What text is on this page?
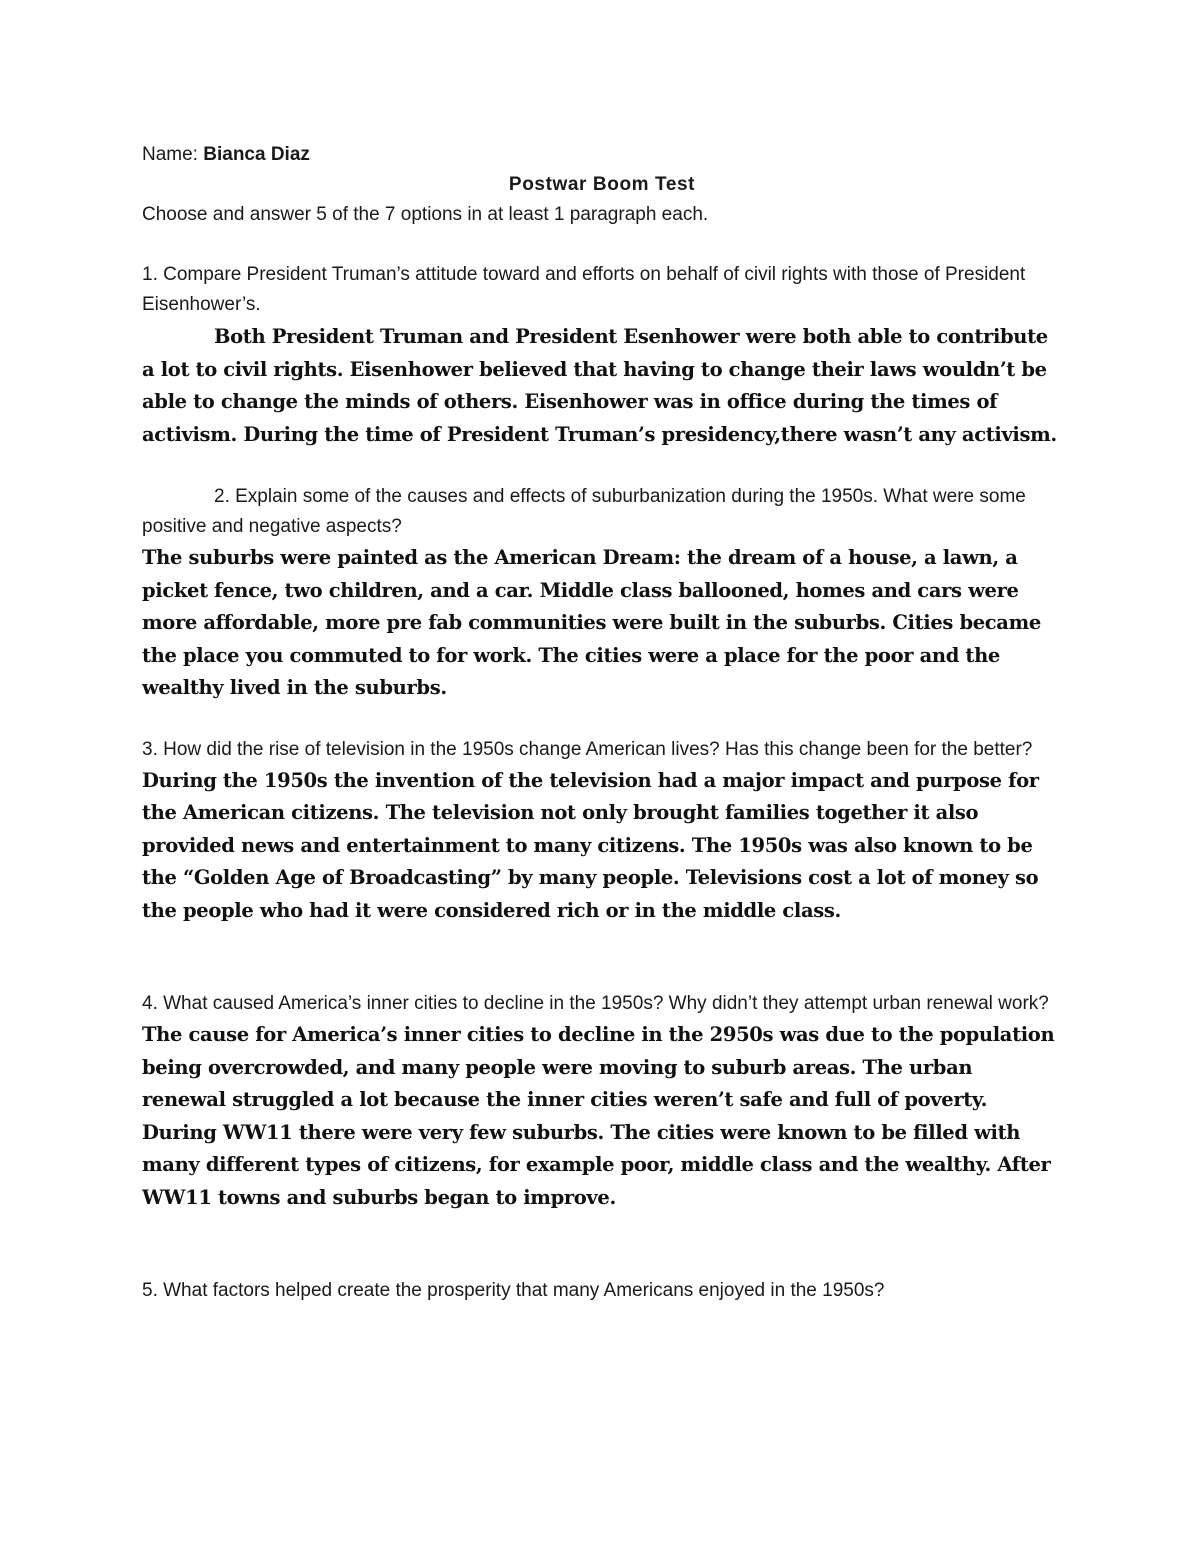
Name: Bianca Diaz

Postwar Boom Test

Choose and answer 5 of the 7 options in at least 1 paragraph each.

1. Compare President Truman’s attitude toward and efforts on behalf of civil rights with those of President Eisenhower’s.

Both President Truman and President Esenhower were both able to contribute a lot to civil rights. Eisenhower believed that having to change their laws wouldn’t be able to change the minds of others. Eisenhower was in office during the times of activism. During the time of President Truman’s presidency,there wasn’t any activism.

2. Explain some of the causes and effects of suburbanization during the 1950s. What were some positive and negative aspects?

The suburbs were painted as the American Dream: the dream of a house, a lawn, a picket fence, two children, and a car. Middle class ballooned, homes and cars were more affordable, more pre fab communities were built in the suburbs. Cities became the place you commuted to for work. The cities were a place for the poor and the wealthy lived in the suburbs.

3. How did the rise of television in the 1950s change American lives? Has this change been for the better?

During the 1950s the invention of the television had a major impact and purpose for the American citizens. The television not only brought families together it also provided news and entertainment to many citizens. The 1950s was also known to be the “Golden Age of Broadcasting” by many people. Televisions cost a lot of money so the people who had it were considered rich or in the middle class.

4. What caused America’s inner cities to decline in the 1950s? Why didn’t they attempt urban renewal work?

The cause for America’s inner cities to decline in the 2950s was due to the population being overcrowded, and many people were moving to suburb areas. The urban renewal struggled a lot because the inner cities weren’t safe and full of poverty. During WW11 there were very few suburbs. The cities were known to be filled with many different types of citizens, for example poor, middle class and the wealthy. After WW11 towns and suburbs began to improve.

5. What factors helped create the prosperity that many Americans enjoyed in the 1950s?
